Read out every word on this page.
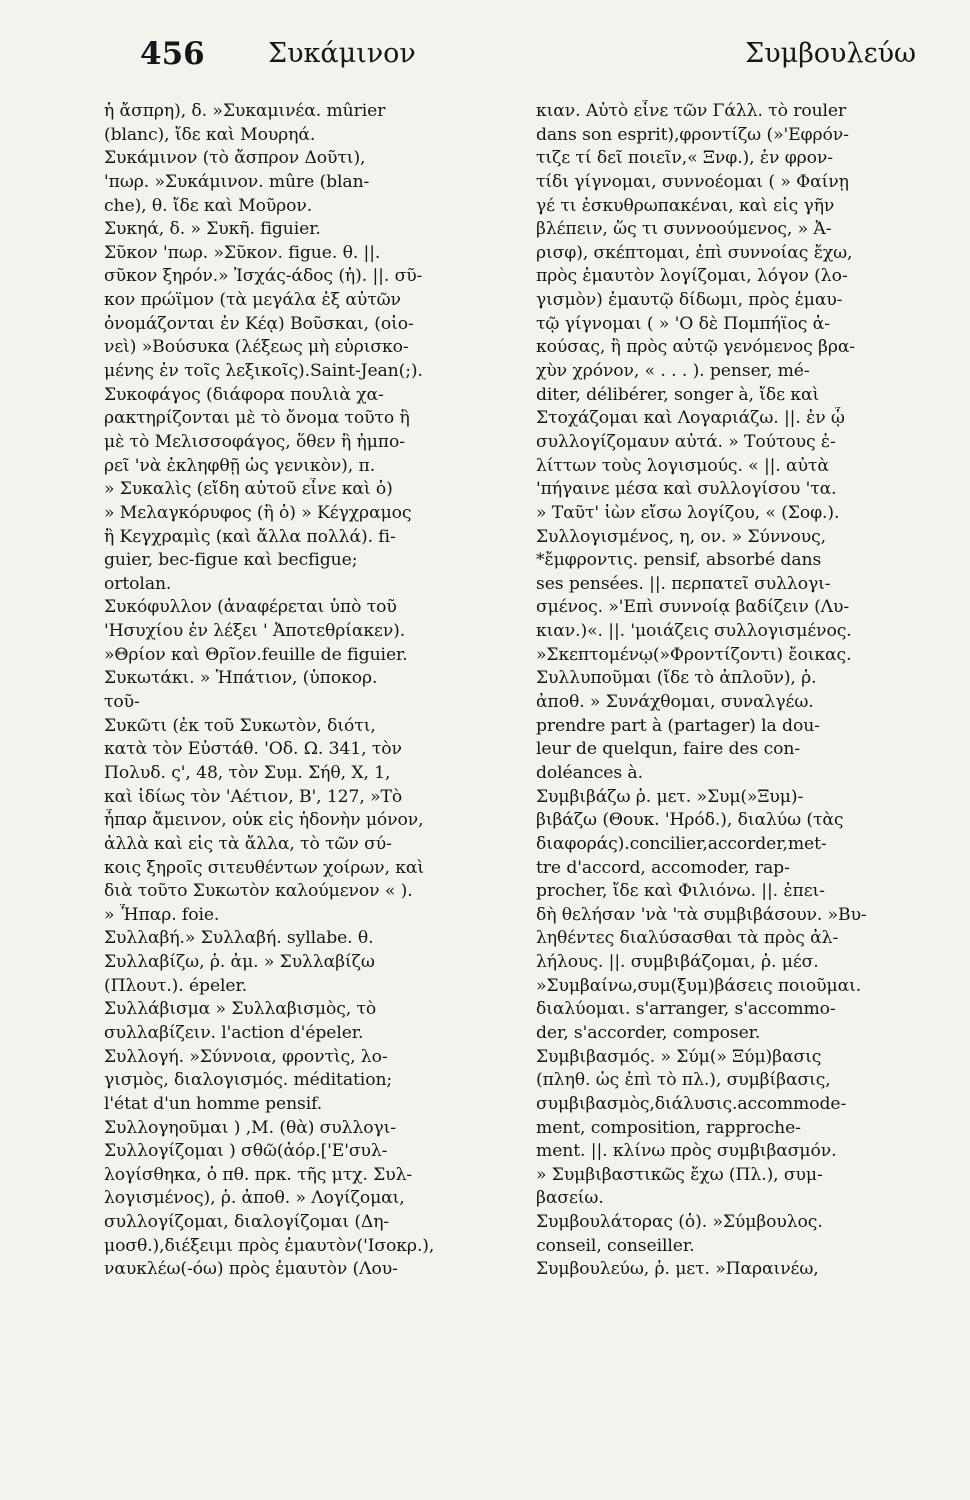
456 Συκάμινον	Συμβουλεύω
ἡ ἄσπρη), δ. »Συκαμινέα. mûrier
(blanc), ἴδε καὶ Μουρηά.
Συκάμινον (τὸ ἄσπρον Δοῦτι),
'πωρ. »Συκάμινον. mûre (blan-
che), θ. ἴδε καὶ Μοῦρον.
Συκηά, δ. » Συκῆ. figuier.
Σῦκον 'πωρ. »Σῦκον. figue. θ. ||.
σῦκον ξηρόν.» Ἰσχάς-άδος (ἡ). ||. σῦ-
κον πρώϊμον (τὰ μεγάλα ἐξ αὐτῶν
ὀνομάζονται ἐν Κέᾳ) Βοῦσκαι, (οἱο-
νεὶ) »Βούσυκα (λέξεως μὴ εὑρισκο-
μένης ἐν τοῖς λεξικοῖς).Saint-Jean(;).
Συκοφάγος (διάφορα πουλιὰ χα-
ρακτηρίζονται μὲ τὸ ὄνομα τοῦτο ἢ
μὲ τὸ Μελισσοφάγος, ὅθεν ἢ ἠμπο-
ρεῖ 'νὰ ἐκληφθῇ ὡς γενικὸν), π.
» Συκαλὶς (εἴδη αὐτοῦ εἶνε καὶ ὁ)
» Μελαγκόρυφος (ἢ ὁ) » Κέγχραμος
ἢ Κεγχραμὶς (καὶ ἄλλα πολλά). fi-
guier, bec-figue καὶ becfigue;
ortolan.
Συκόφυλλον (ἀναφέρεται ὑπὸ τοῦ
'Ησυχίου ἐν λέξει ' Ἀποτεθρίακεν).
»Θρίον καὶ Θρῖον.feuille de figuier.
Συκωτάκι. » Ἡπάτιον, (ὑποκορ.
τοῦ-
Συκῶτι (ἐκ τοῦ Συκωτὸν, διότι,
κατὰ τὸν Εὐστάθ. 'Οδ. Ω. 341, τὸν
Πολυδ. ς', 48, τὸν Συμ. Σήθ, X, 1,
καὶ ἰδίως τὸν 'Αέτιον, Β', 127, »Τὸ
ἧπαρ ἄμεινον, οὐκ εἰς ἡδονὴν μόνον,
ἀλλὰ καὶ εἰς τὰ ἄλλα, τὸ τῶν σύ-
κοις ξηροῖς σιτευθέντων χοίρων, καὶ
διὰ τοῦτο Συκωτὸν καλούμενον « ).
» Ἧπαρ. foie.
Συλλαβή.» Συλλαβή. syllabe. θ.
Συλλαβίζω, ῥ. ἀμ. » Συλλαβίζω
(Πλουτ.). épeler.
Συλλάβισμα » Συλλαβισμὸς, τὸ
συλλαβίζειν. l'action d'épeler.
Συλλογή. »Σύννοια, φροντὶς, λο-
γισμὸς, διαλογισμός. méditation;
l'état d'un homme pensif.
Συλλογηοῦμαι ) ,M. (θὰ) συλλογι-
Συλλογίζομαι ) σθῶ(ἀόρ.['Ε'συλ-
λογίσθηκα, ὁ πθ. πρκ. τῆς μτχ. Συλ-
λογισμένος), ῥ. ἀποθ. » Λογίζομαι,
συλλογίζομαι, διαλογίζομαι (Δη-
μοσθ.),διέξειμι πρὸς ἐμαυτὸν('Ισοκρ.),
ναυκλέω(-όω) πρὸς ἐμαυτὸν (Λου-
κιαν. Αὐτὸ εἶνε τῶν Γάλλ. τὸ rouler
dans son esprit),φροντίζω (»'Εφρόν-
τιζε τί δεῖ ποιεῖν,« Ξνφ.), ἐν φρον-
τίδι γίγνομαι, συννοέομαι ( » Φαίνῃ
γέ τι ἐσκυθρωπακέναι, καὶ εἰς γῆν
βλέπειν, ὥς τι συννοούμενος, » Ἀ-
ρισφ), σκέπτομαι, ἐπὶ συννοίας ἔχω,
πρὸς ἐμαυτὸν λογίζομαι, λόγον (λο-
γισμὸν) ἐμαυτῷ δίδωμι, πρὸς ἐμαυ-
τῷ γίγνομαι ( » 'Ο δὲ Πομπήϊος ἀ-
κούσας, ἢ πρὸς αὐτῷ γενόμενος βρα-
χὺν χρόνον, « . . . ). penser, mé-
diter, délibérer, songer à, ἴδε καὶ
Στοχάζομαι καὶ Λογαριάζω. ||. ἐν ᾧ
συλλογίζομαυν αὐτά. » Τούτους ἐ-
λίττων τοὺς λογισμούς. « ||. αὐτὰ
'πήγαινε μέσα καὶ συλλογίσου 'τα.
» Ταῦτ' ἰὼν εἴσω λογίζου, « (Σοφ.).
Συλλογισμένος, η, ον. » Σύννους,
*ἔμφροντις. pensif, absorbé dans
ses pensées. ||. περπατεῖ συλλογι-
σμένος. »'Επὶ συννοίᾳ βαδίζειν (Λυ-
κιαν.)«. ||. 'μοιάζεις συλλογισμένος.
»Σκεπτομένῳ(»Φροντίζοντι) ἔοικας.
Συλλυποῦμαι (ἴδε τὸ ἀπλοῦν), ῥ.
ἀποθ. » Συνάχθομαι, συναλγέω.
prendre part à (partager) la dou-
leur de quelqun, faire des con-
doléances à.
Συμβιβάζω ῥ. μετ. »Συμ(»Ξυμ)-
βιβάζω (Θουκ. 'Ηρόδ.), διαλύω (τὰς
διαφοράς).concilier,accorder,met-
tre d'accord, accomoder, rap-
procher, ἴδε καὶ Φιλιόνω. ||. ἐπει-
δὴ θελήσαν 'νὰ 'τὰ συμβιβάσουν. »Βυ-
ληθέντες διαλύσασθαι τὰ πρὸς ἀλ-
λήλους. ||. συμβιβάζομαι, ῥ. μέσ.
»Συμβαίνω,συμ(ξυμ)βάσεις ποιοῦμαι.
διαλύομαι. s'arranger, s'accommo-
der, s'accorder, composer.
Συμβιβασμός. » Σύμ(» Ξύμ)βασις
(πληθ. ὡς ἐπὶ τὸ πλ.), συμβίβασις,
συμβιβασμὸς,διάλυσις.accommode-
ment, composition, rapproche-
ment. ||. κλίνω πρὸς συμβιβασμόν.
» Συμβιβαστικῶς ἔχω (Πλ.), συμ-
βασείω.
Συμβουλάτορας (ὁ). »Σύμβουλος.
conseil, conseiller.
Συμβουλεύω, ῥ. μετ. »Παραινέω,
